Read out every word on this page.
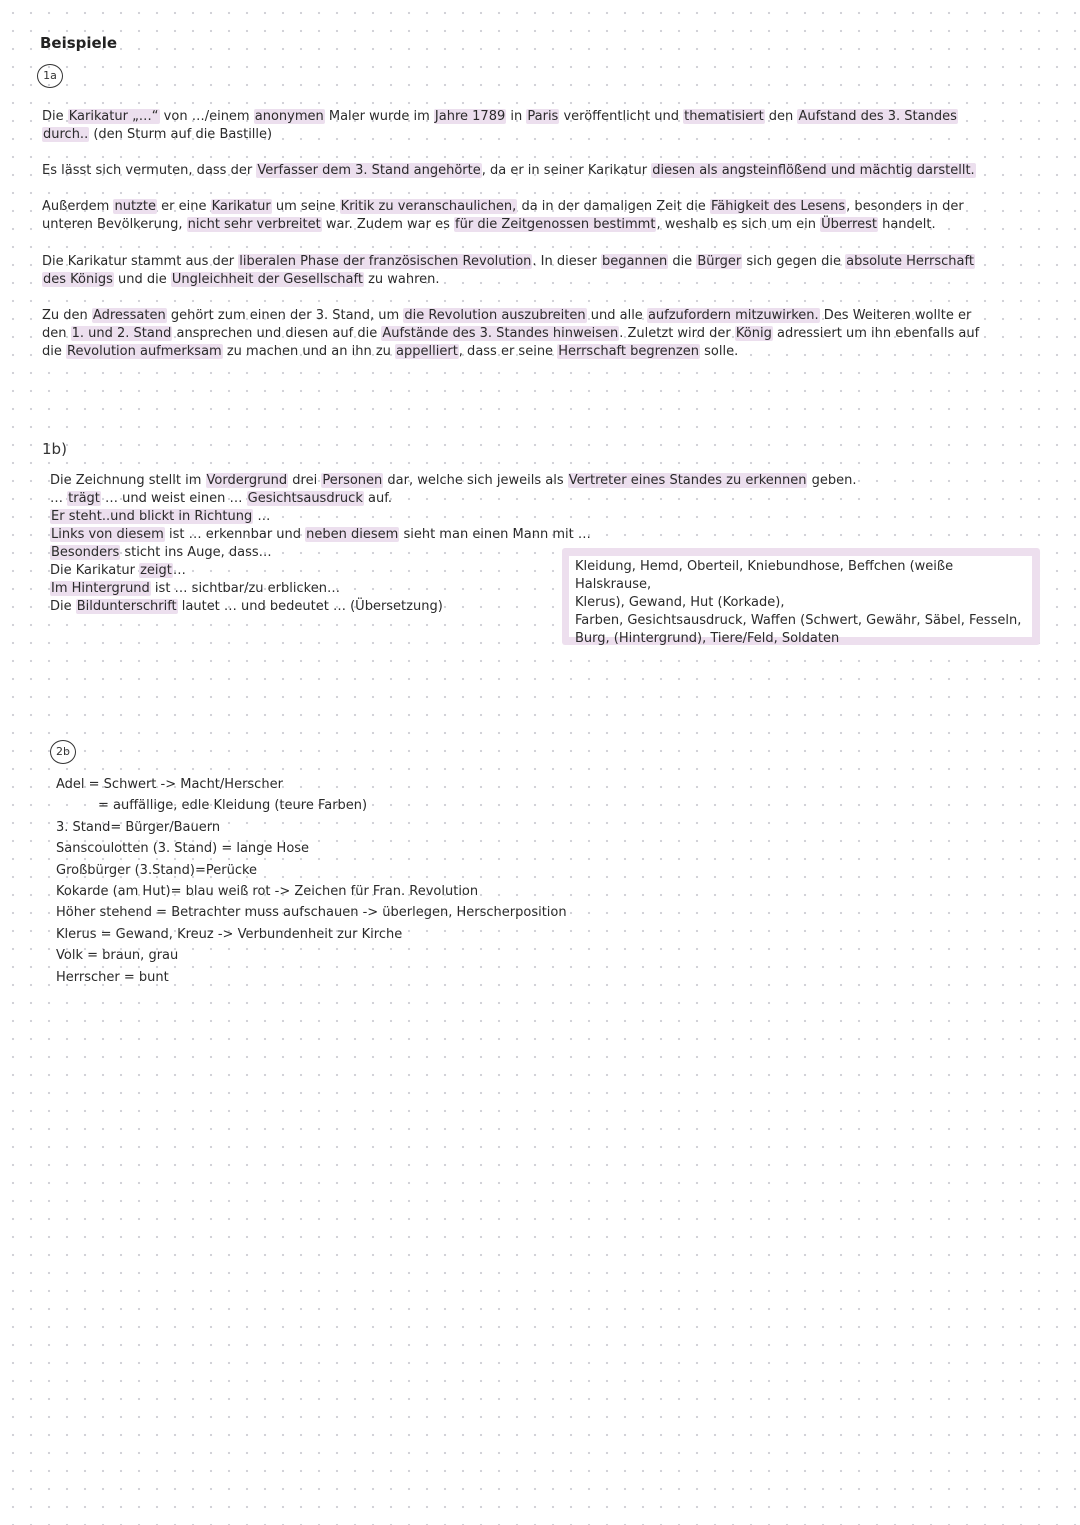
Beispiele
1a

Die Karikatur „…“ von …/einem anonymen Maler wurde im Jahre 1789 in Paris veröffentlicht und thematisiert den Aufstand des 3. Standes
durch.. (den Sturm auf die Bastille)

Es lässt sich vermuten, dass der Verfasser dem 3. Stand angehörte, da er in seiner Karikatur diesen als angsteinflößend und mächtig darstellt.

Außerdem nutzte er eine Karikatur um seine Kritik zu veranschaulichen, da in der damaligen Zeit die Fähigkeit des Lesens, besonders in der
unteren Bevölkerung, nicht sehr verbreitet war. Zudem war es für die Zeitgenossen bestimmt, weshalb es sich um ein Überrest handelt.

Die Karikatur stammt aus der liberalen Phase der französischen Revolution. In dieser begannen die Bürger sich gegen die absolute Herrschaft
des Königs und die Ungleichheit der Gesellschaft zu wahren.

Zu den Adressaten gehört zum einen der 3. Stand, um die Revolution auszubreiten und alle aufzufordern mitzuwirken. Des Weiteren wollte er
den 1. und 2. Stand ansprechen und diesen auf die Aufstände des 3. Standes hinweisen. Zuletzt wird der König adressiert um ihn ebenfalls auf
die Revolution aufmerksam zu machen und an ihn zu appelliert, dass er seine Herrschaft begrenzen solle.

1b)
Die Zeichnung stellt im Vordergrund drei Personen dar, welche sich jeweils als Vertreter eines Standes zu erkennen geben.
… trägt … und weist einen … Gesichtsausdruck auf.
Er steht..und blickt in Richtung …
Links von diesem ist … erkennbar und neben diesem sieht man einen Mann mit …
Besonders sticht ins Auge, dass…
Die Karikatur zeigt…
Im Hintergrund ist … sichtbar/zu erblicken…
Die Bildunterschrift lautet … und bedeutet … (Übersetzung)
Kleidung, Hemd, Oberteil, Kniebundhose, Beffchen (weiße Halskrause,
Klerus), Gewand, Hut (Korkade),
Farben, Gesichtsausdruck, Waffen (Schwert, Gewähr, Säbel, Fesseln,
Burg, (Hintergrund), Tiere/Feld, Soldaten
2b
Adel = Schwert -> Macht/Herscher
= auffällige, edle Kleidung (teure Farben)
3. Stand= Bürger/Bauern
Sanscoulotten (3. Stand) = lange Hose
Großbürger (3.Stand)=Perücke
Kokarde (am Hut)= blau weiß rot -> Zeichen für Fran. Revolution
Höher stehend = Betrachter muss aufschauen -> überlegen, Herscherposition
Klerus = Gewand, Kreuz -> Verbundenheit zur Kirche
Volk = braun, grau
Herrscher = bunt
